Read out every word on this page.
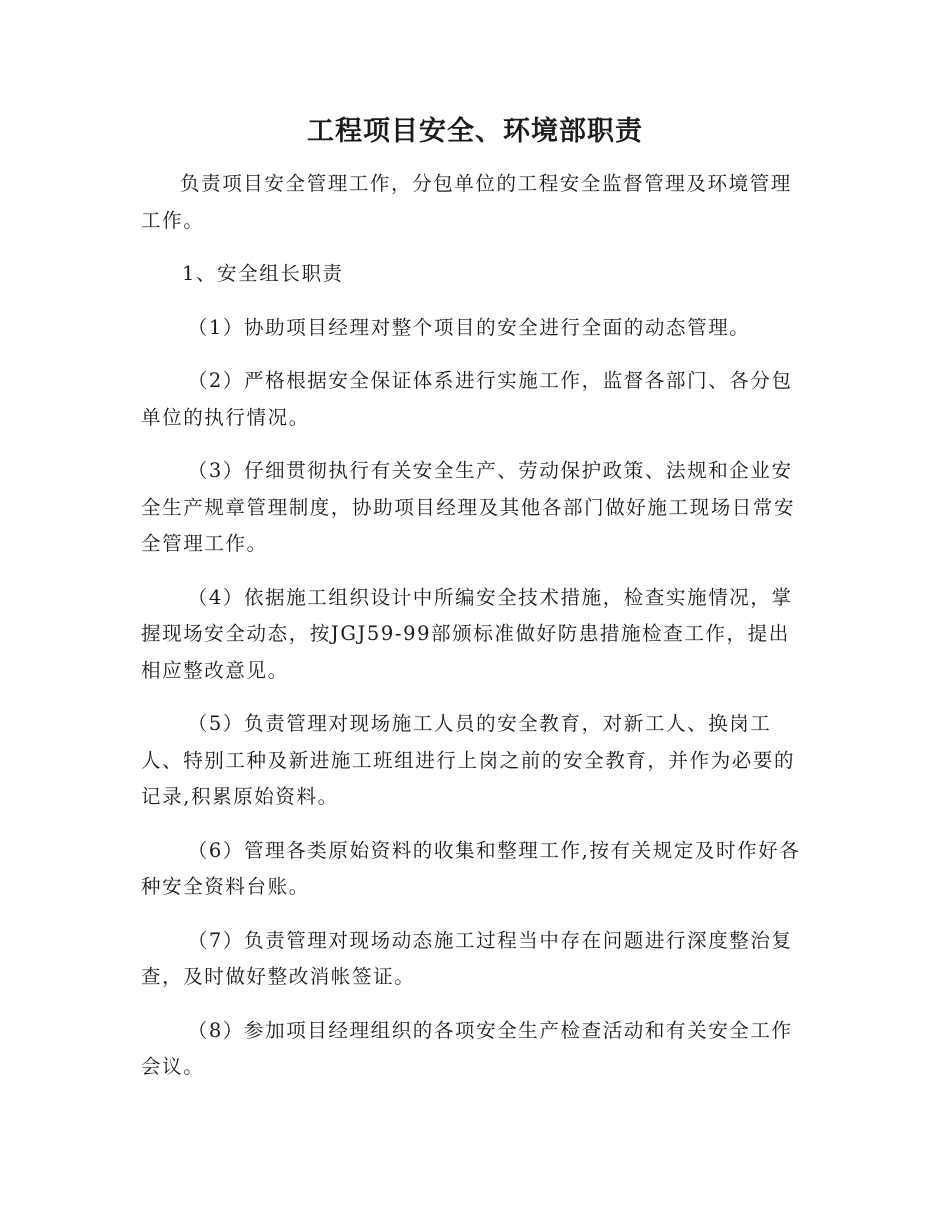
工程项目安全、环境部职责

负责项目安全管理工作，分包单位的工程安全监督管理及环境管理工作。

1、安全组长职责

（1）协助项目经理对整个项目的安全进行全面的动态管理。

（2）严格根据安全保证体系进行实施工作，监督各部门、各分包单位的执行情况。

（3）仔细贯彻执行有关安全生产、劳动保护政策、法规和企业安全生产规章管理制度，协助项目经理及其他各部门做好施工现场日常安全管理工作。

（4）依据施工组织设计中所编安全技术措施，检查实施情况，掌握现场安全动态，按JGJ59-99部颁标准做好防患措施检查工作，提出相应整改意见。

（5）负责管理对现场施工人员的安全教育，对新工人、换岗工人、特别工种及新进施工班组进行上岗之前的安全教育，并作为必要的记录,积累原始资料。

（6）管理各类原始资料的收集和整理工作,按有关规定及时作好各种安全资料台账。

（7）负责管理对现场动态施工过程当中存在问题进行深度整治复查，及时做好整改消帐签证。

（8）参加项目经理组织的各项安全生产检查活动和有关安全工作会议。
